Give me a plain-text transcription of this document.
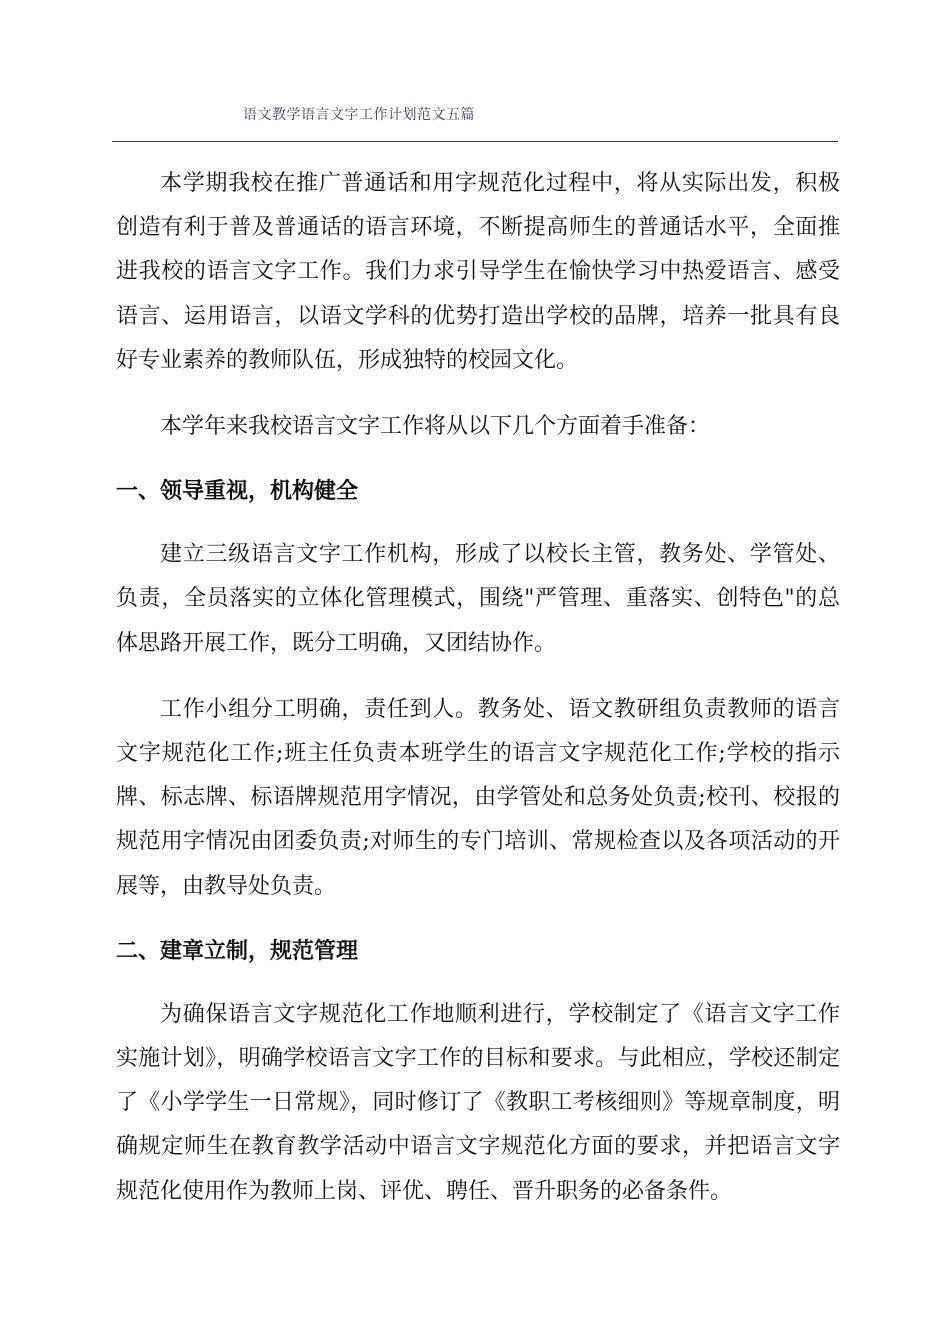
语文教学语言文字工作计划范文五篇

本学期我校在推广普通话和用字规范化过程中，将从实际出发，积极创造有利于普及普通话的语言环境，不断提高师生的普通话水平，全面推进我校的语言文字工作。我们力求引导学生在愉快学习中热爱语言、感受语言、运用语言，以语文学科的优势打造出学校的品牌，培养一批具有良好专业素养的教师队伍，形成独特的校园文化。

本学年来我校语言文字工作将从以下几个方面着手准备：

一、领导重视，机构健全

建立三级语言文字工作机构，形成了以校长主管，教务处、学管处、负责，全员落实的立体化管理模式，围绕"严管理、重落实、创特色"的总体思路开展工作，既分工明确，又团结协作。

工作小组分工明确，责任到人。教务处、语文教研组负责教师的语言文字规范化工作;班主任负责本班学生的语言文字规范化工作;学校的指示牌、标志牌、标语牌规范用字情况，由学管处和总务处负责;校刊、校报的规范用字情况由团委负责;对师生的专门培训、常规检查以及各项活动的开展等，由教导处负责。

二、建章立制，规范管理

为确保语言文字规范化工作地顺利进行，学校制定了《语言文字工作实施计划》，明确学校语言文字工作的目标和要求。与此相应，学校还制定了《小学学生一日常规》，同时修订了《教职工考核细则》等规章制度，明确规定师生在教育教学活动中语言文字规范化方面的要求，并把语言文字规范化使用作为教师上岗、评优、聘任、晋升职务的必备条件。
